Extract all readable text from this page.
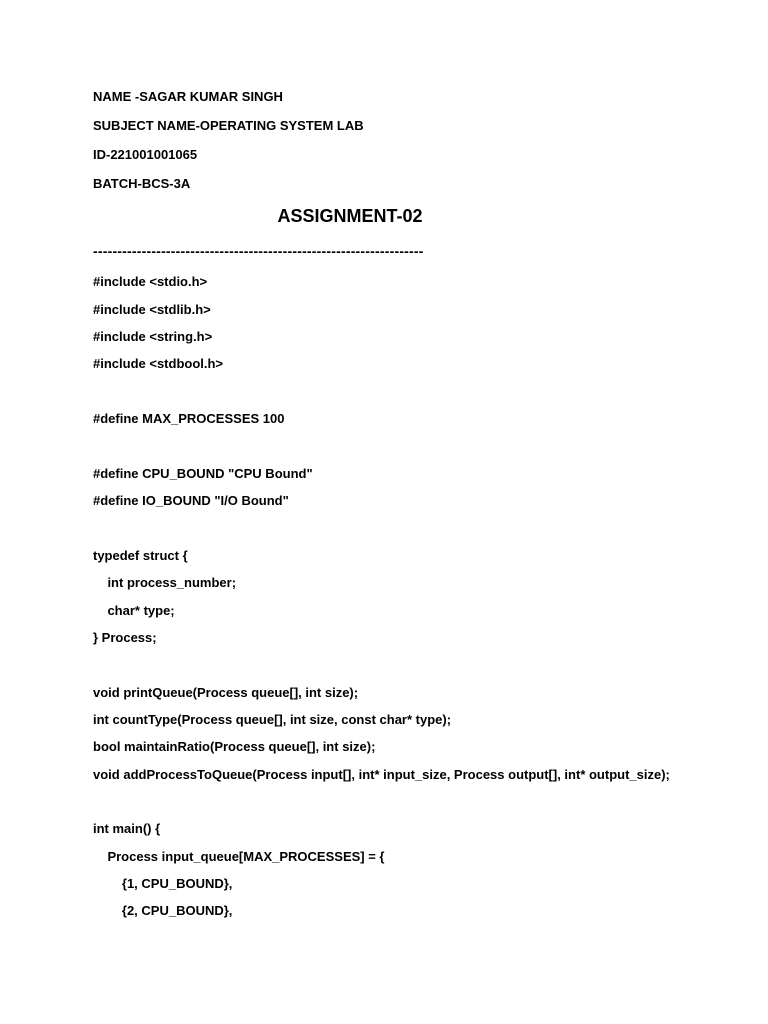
NAME -SAGAR KUMAR SINGH
SUBJECT NAME-OPERATING SYSTEM LAB
ID-221001001065
BATCH-BCS-3A
ASSIGNMENT-02
--------------------------------------------------------------------
#include <stdio.h>
#include <stdlib.h>
#include <string.h>
#include <stdbool.h>
#define MAX_PROCESSES 100
#define CPU_BOUND "CPU Bound"
#define IO_BOUND "I/O Bound"
typedef struct {
int process_number;
char* type;
} Process;
void printQueue(Process queue[], int size);
int countType(Process queue[], int size, const char* type);
bool maintainRatio(Process queue[], int size);
void addProcessToQueue(Process input[], int* input_size, Process output[], int* output_size);
int main() {
Process input_queue[MAX_PROCESSES] = {
{1, CPU_BOUND},
{2, CPU_BOUND},
